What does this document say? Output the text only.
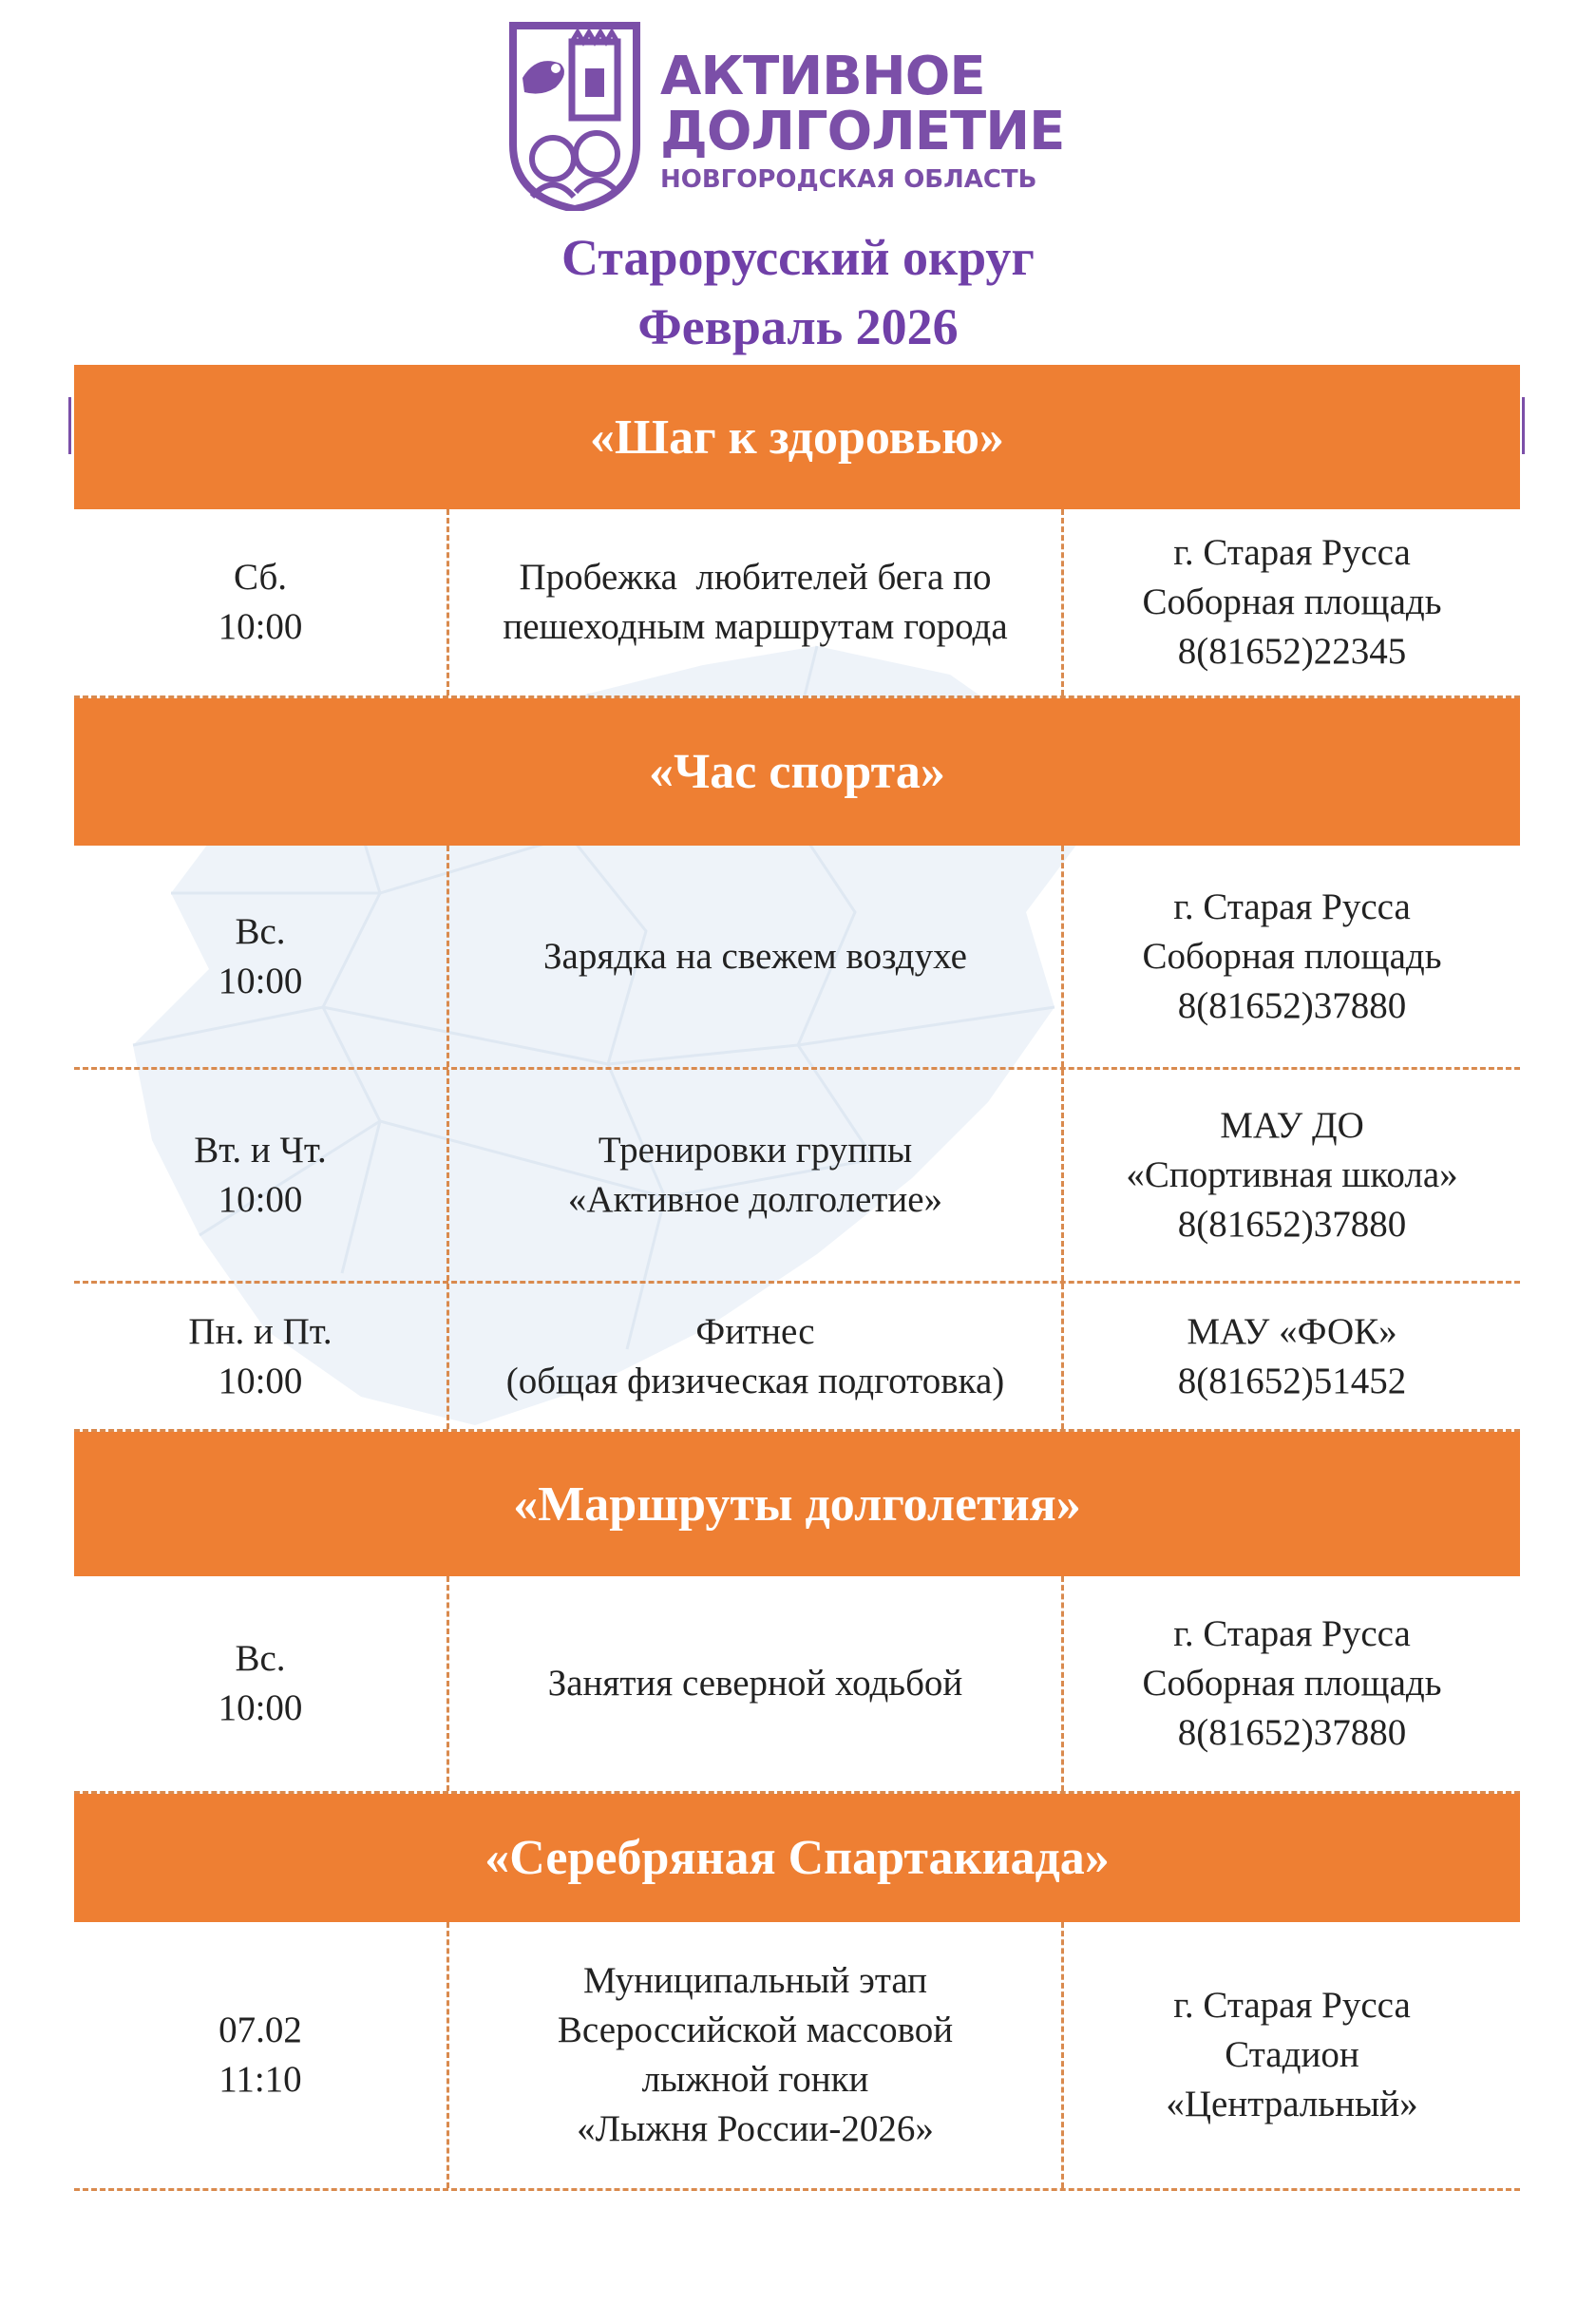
АКТИВНОЕ
ДОЛГОЛЕТИЕ
НОВГОРОДСКАЯ ОБЛАСТЬ
Старорусский округ
Февраль 2026
«Шаг к здоровью»
Сб.
10:00
Пробежка  любителей бега по
пешеходным маршрутам города
г. Старая Русса
Соборная площадь
8(81652)22345
«Час спорта»
Вс.
10:00
Зарядка на свежем воздухе
г. Старая Русса
Соборная площадь
8(81652)37880
Вт. и Чт.
10:00
Тренировки группы
«Активное долголетие»
МАУ ДО
«Спортивная школа»
8(81652)37880
Пн. и Пт.
10:00
Фитнес
(общая физическая подготовка)
МАУ «ФОК»
8(81652)51452
«Маршруты долголетия»
Вс.
10:00
Занятия северной ходьбой
г. Старая Русса
Соборная площадь
8(81652)37880
«Серебряная Спартакиада»
07.02
11:10
Муниципальный этап
Всероссийской массовой
лыжной гонки
«Лыжня России-2026»
г. Старая Русса
Стадион
«Центральный»
